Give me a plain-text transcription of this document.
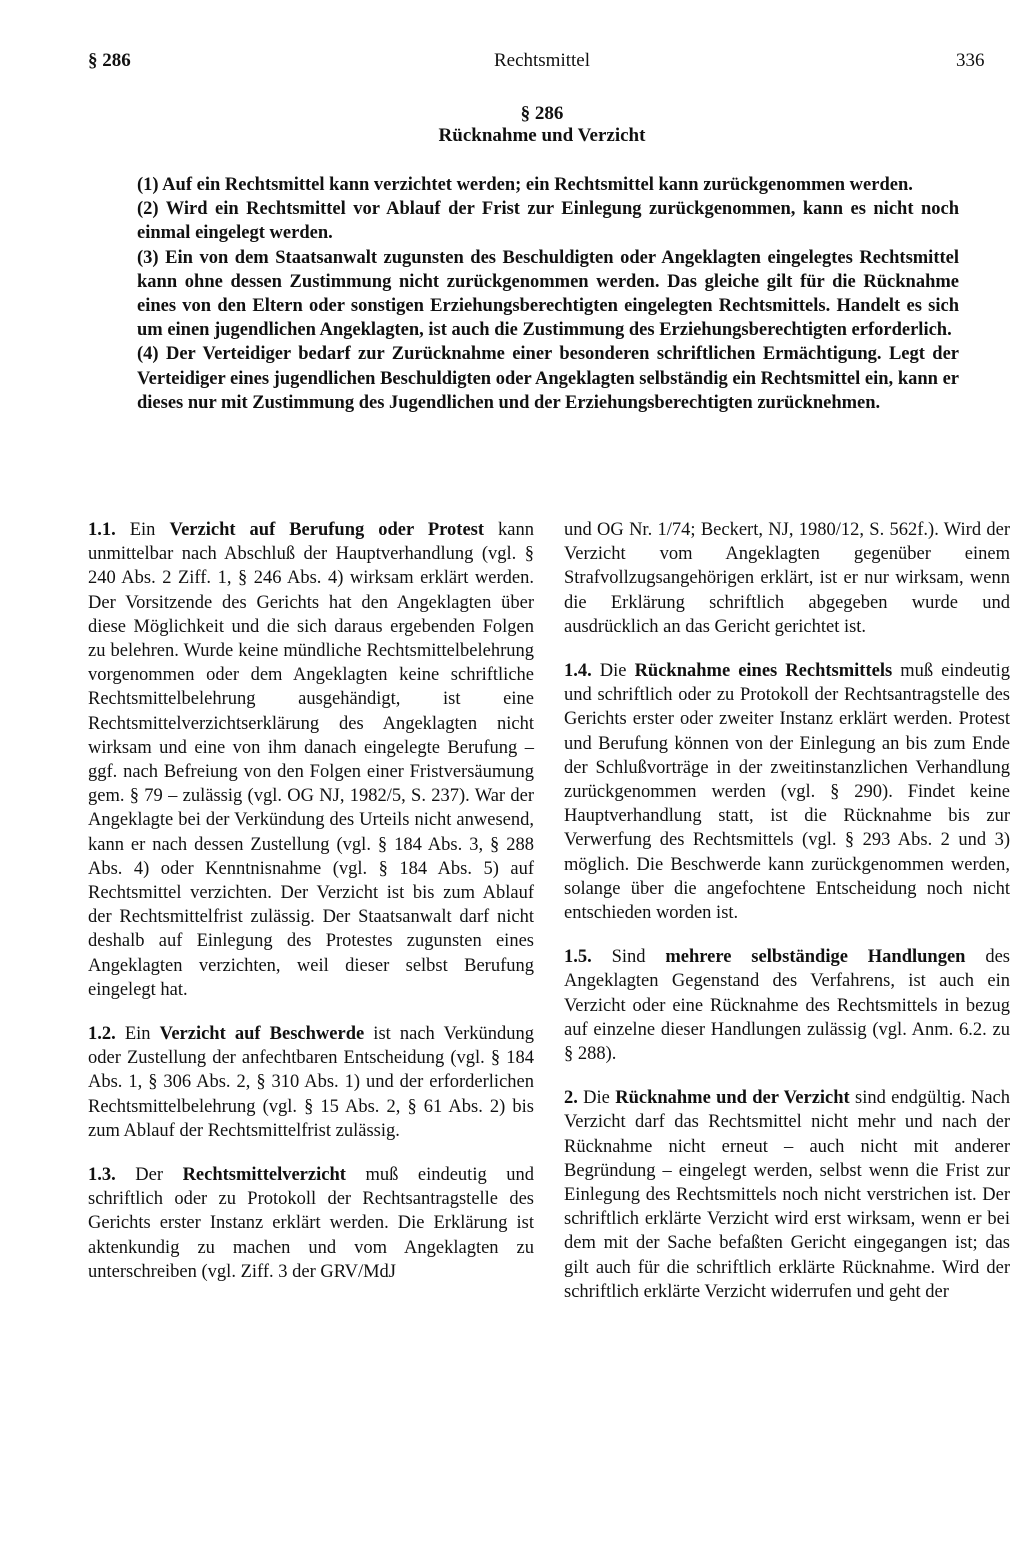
§ 286	Rechtsmittel	336
§ 286
Rücknahme und Verzicht

(1) Auf ein Rechtsmittel kann verzichtet werden; ein Rechtsmittel kann zurückgenommen werden.

(2) Wird ein Rechtsmittel vor Ablauf der Frist zur Einlegung zurückgenommen, kann es nicht noch einmal eingelegt werden.

(3) Ein von dem Staatsanwalt zugunsten des Beschuldigten oder Angeklagten eingelegtes Rechtsmittel kann ohne dessen Zustimmung nicht zurückgenommen werden. Das gleiche gilt für die Rücknahme eines von den Eltern oder sonstigen Erziehungsberechtigten eingelegten Rechtsmittels. Handelt es sich um einen jugendlichen Angeklagten, ist auch die Zustimmung des Erziehungsberechtigten erforderlich.

(4) Der Verteidiger bedarf zur Zurücknahme einer besonderen schriftlichen Ermächtigung. Legt der Verteidiger eines jugendlichen Beschuldigten oder Angeklagten selbständig ein Rechtsmittel ein, kann er dieses nur mit Zustimmung des Jugendlichen und der Erziehungsberechtigten zurücknehmen.

1.1. Ein Verzicht auf Berufung oder Protest kann unmittelbar nach Abschluß der Hauptverhandlung (vgl. § 240 Abs. 2 Ziff. 1, § 246 Abs. 4) wirksam erklärt werden. Der Vorsitzende des Gerichts hat den Angeklagten über diese Möglichkeit und die sich daraus ergebenden Folgen zu belehren. Wurde keine mündliche Rechtsmittelbelehrung vorgenommen oder dem Angeklagten keine schriftliche Rechtsmittelbelehrung ausgehändigt, ist eine Rechtsmittelverzichtserklärung des Angeklagten nicht wirksam und eine von ihm danach eingelegte Berufung – ggf. nach Befreiung von den Folgen einer Fristversäumung gem. § 79 – zulässig (vgl. OG NJ, 1982/5, S. 237). War der Angeklagte bei der Verkündung des Urteils nicht anwesend, kann er nach dessen Zustellung (vgl. § 184 Abs. 3, § 288 Abs. 4) oder Kenntnisnahme (vgl. § 184 Abs. 5) auf Rechtsmittel verzichten. Der Verzicht ist bis zum Ablauf der Rechtsmittelfrist zulässig. Der Staatsanwalt darf nicht deshalb auf Einlegung des Protestes zugunsten eines Angeklagten verzichten, weil dieser selbst Berufung eingelegt hat.

1.2. Ein Verzicht auf Beschwerde ist nach Verkündung oder Zustellung der anfechtbaren Entscheidung (vgl. § 184 Abs. 1, § 306 Abs. 2, § 310 Abs. 1) und der erforderlichen Rechtsmittelbelehrung (vgl. § 15 Abs. 2, § 61 Abs. 2) bis zum Ablauf der Rechtsmittelfrist zulässig.

1.3. Der Rechtsmittelverzicht muß eindeutig und schriftlich oder zu Protokoll der Rechtsantragstelle des Gerichts erster Instanz erklärt werden. Die Erklärung ist aktenkundig zu machen und vom Angeklagten zu unterschreiben (vgl. Ziff. 3 der GRV/MdJ

und OG Nr. 1/74; Beckert, NJ, 1980/12, S. 562f.). Wird der Verzicht vom Angeklagten gegenüber einem Strafvollzugsangehörigen erklärt, ist er nur wirksam, wenn die Erklärung schriftlich abgegeben wurde und ausdrücklich an das Gericht gerichtet ist.

1.4. Die Rücknahme eines Rechtsmittels muß eindeutig und schriftlich oder zu Protokoll der Rechtsantragstelle des Gerichts erster oder zweiter Instanz erklärt werden. Protest und Berufung können von der Einlegung an bis zum Ende der Schlußvorträge in der zweitinstanzlichen Verhandlung zurückgenommen werden (vgl. § 290). Findet keine Hauptverhandlung statt, ist die Rücknahme bis zur Verwerfung des Rechtsmittels (vgl. § 293 Abs. 2 und 3) möglich. Die Beschwerde kann zurückgenommen werden, solange über die angefochtene Entscheidung noch nicht entschieden worden ist.

1.5. Sind mehrere selbständige Handlungen des Angeklagten Gegenstand des Verfahrens, ist auch ein Verzicht oder eine Rücknahme des Rechtsmittels in bezug auf einzelne dieser Handlungen zulässig (vgl. Anm. 6.2. zu § 288).

2. Die Rücknahme und der Verzicht sind endgültig. Nach Verzicht darf das Rechtsmittel nicht mehr und nach der Rücknahme nicht erneut – auch nicht mit anderer Begründung – eingelegt werden, selbst wenn die Frist zur Einlegung des Rechtsmittels noch nicht verstrichen ist. Der schriftlich erklärte Verzicht wird erst wirksam, wenn er bei dem mit der Sache befaßten Gericht eingegangen ist; das gilt auch für die schriftlich erklärte Rücknahme. Wird der schriftlich erklärte Verzicht widerrufen und geht der
